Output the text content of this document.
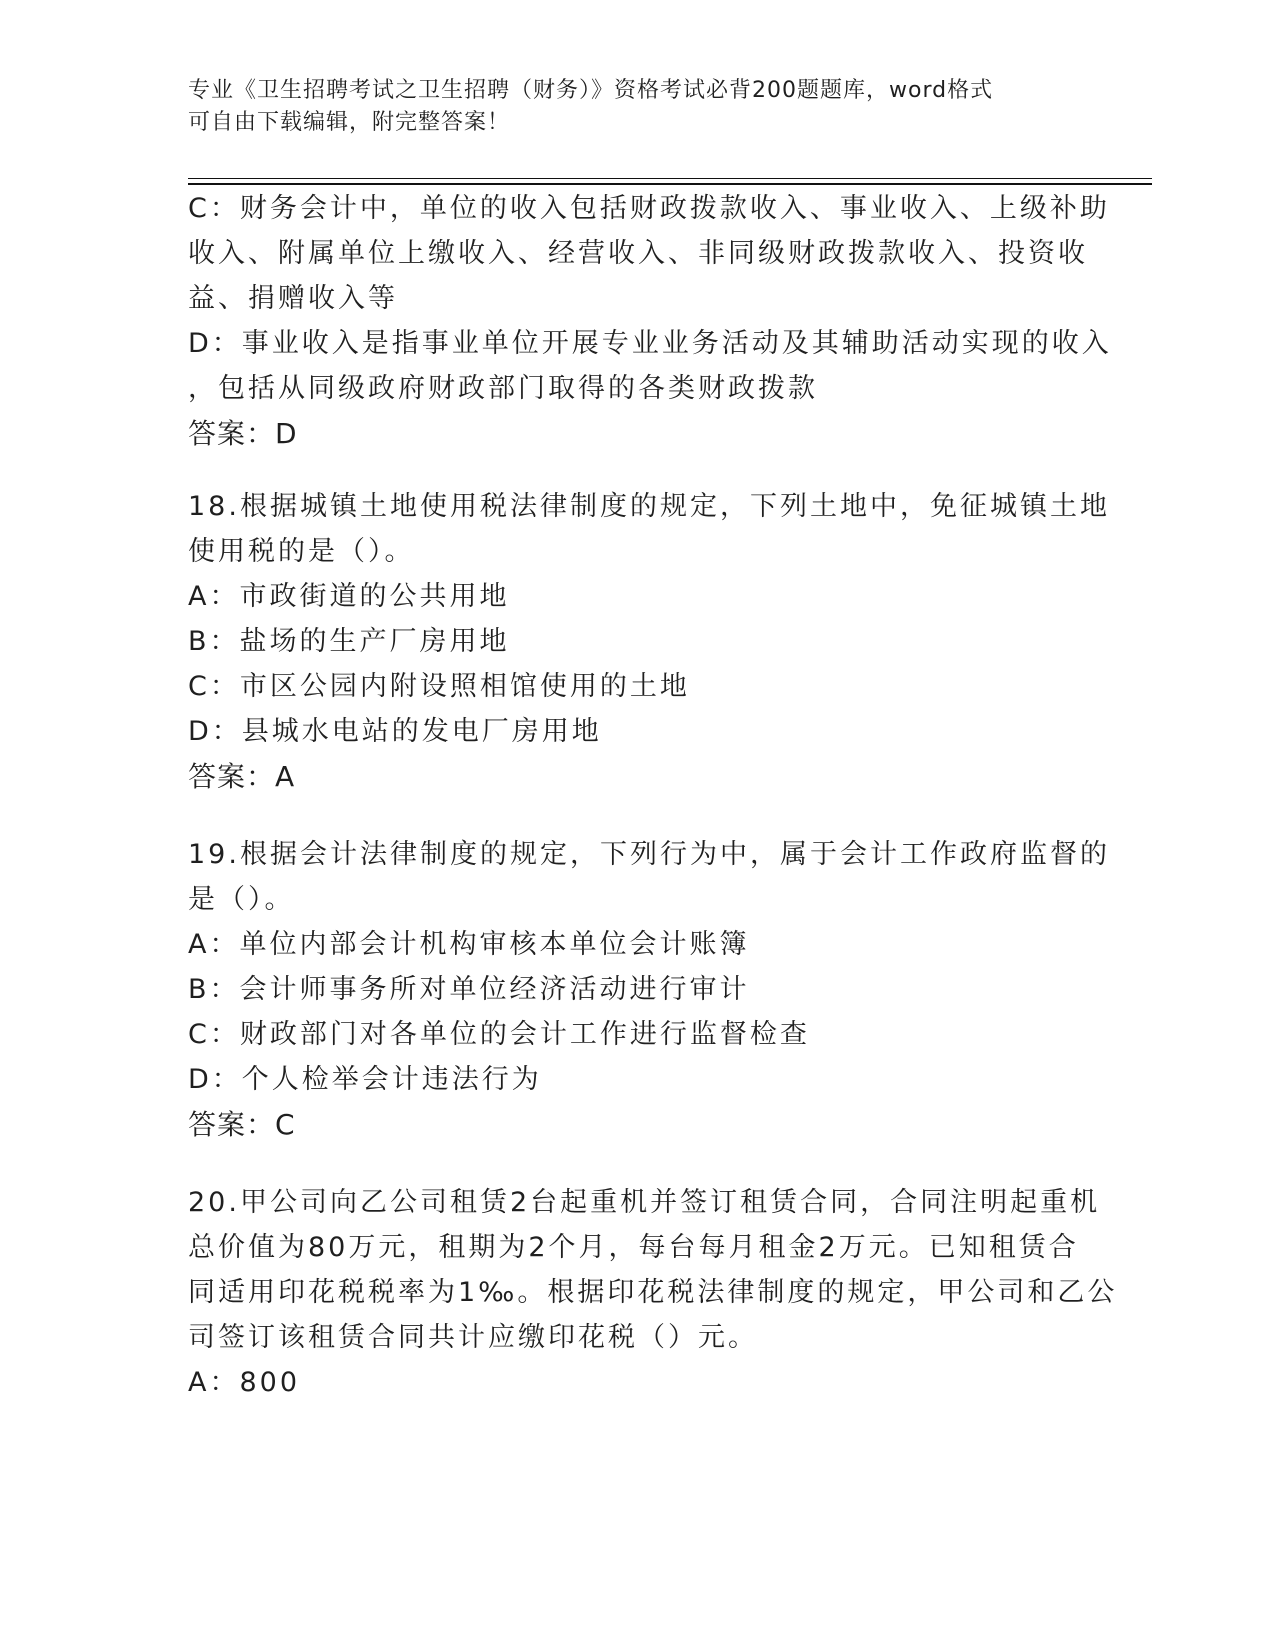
专业《卫生招聘考试之卫生招聘（财务）》资格考试必背200题题库，word格式
可自由下载编辑，附完整答案！
C：财务会计中，单位的收入包括财政拨款收入、事业收入、上级补助
收入、附属单位上缴收入、经营收入、非同级财政拨款收入、投资收
益、捐赠收入等
D：事业收入是指事业单位开展专业业务活动及其辅助活动实现的收入
，包括从同级政府财政部门取得的各类财政拨款
答案：D
18.根据城镇土地使用税法律制度的规定，下列土地中，免征城镇土地
使用税的是（）。
A：市政街道的公共用地
B：盐场的生产厂房用地
C：市区公园内附设照相馆使用的土地
D：县城水电站的发电厂房用地
答案：A
19.根据会计法律制度的规定，下列行为中，属于会计工作政府监督的
是（）。
A：单位内部会计机构审核本单位会计账簿
B：会计师事务所对单位经济活动进行审计
C：财政部门对各单位的会计工作进行监督检查
D：个人检举会计违法行为
答案：C
20.甲公司向乙公司租赁2台起重机并签订租赁合同，合同注明起重机
总价值为80万元，租期为2个月，每台每月租金2万元。已知租赁合
同适用印花税税率为1‰。根据印花税法律制度的规定，甲公司和乙公
司签订该租赁合同共计应缴印花税（）元。
A：800
